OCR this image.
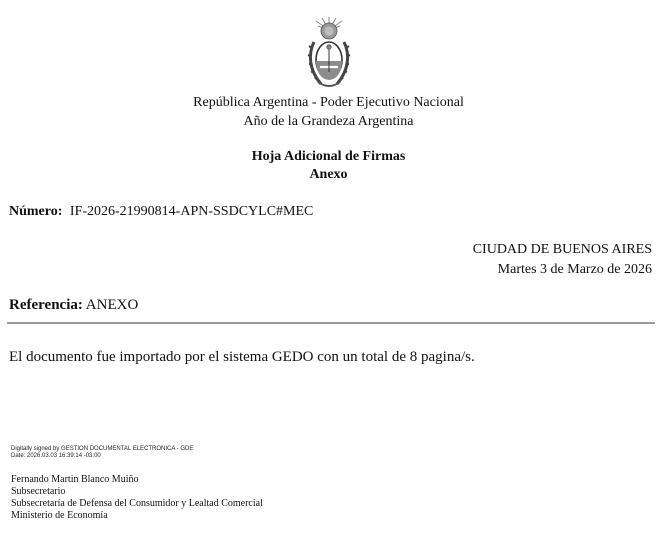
República Argentina - Poder Ejecutivo Nacional
Año de la Grandeza Argentina
Hoja Adicional de Firmas
Anexo
Número: IF-2026-21990814-APN-SSDCYLC#MEC
CIUDAD DE BUENOS AIRES
Martes 3 de Marzo de 2026
Referencia: ANEXO
El documento fue importado por el sistema GEDO con un total de 8 pagina/s.
Digitally signed by GESTION DOCUMENTAL ELECTRONICA - GDE
Date: 2026.03.03 16:39:14 -03:00
Fernando Martin Blanco Muiño
Subsecretario
Subsecretaría de Defensa del Consumidor y Lealtad Comercial
Ministerio de Economía
